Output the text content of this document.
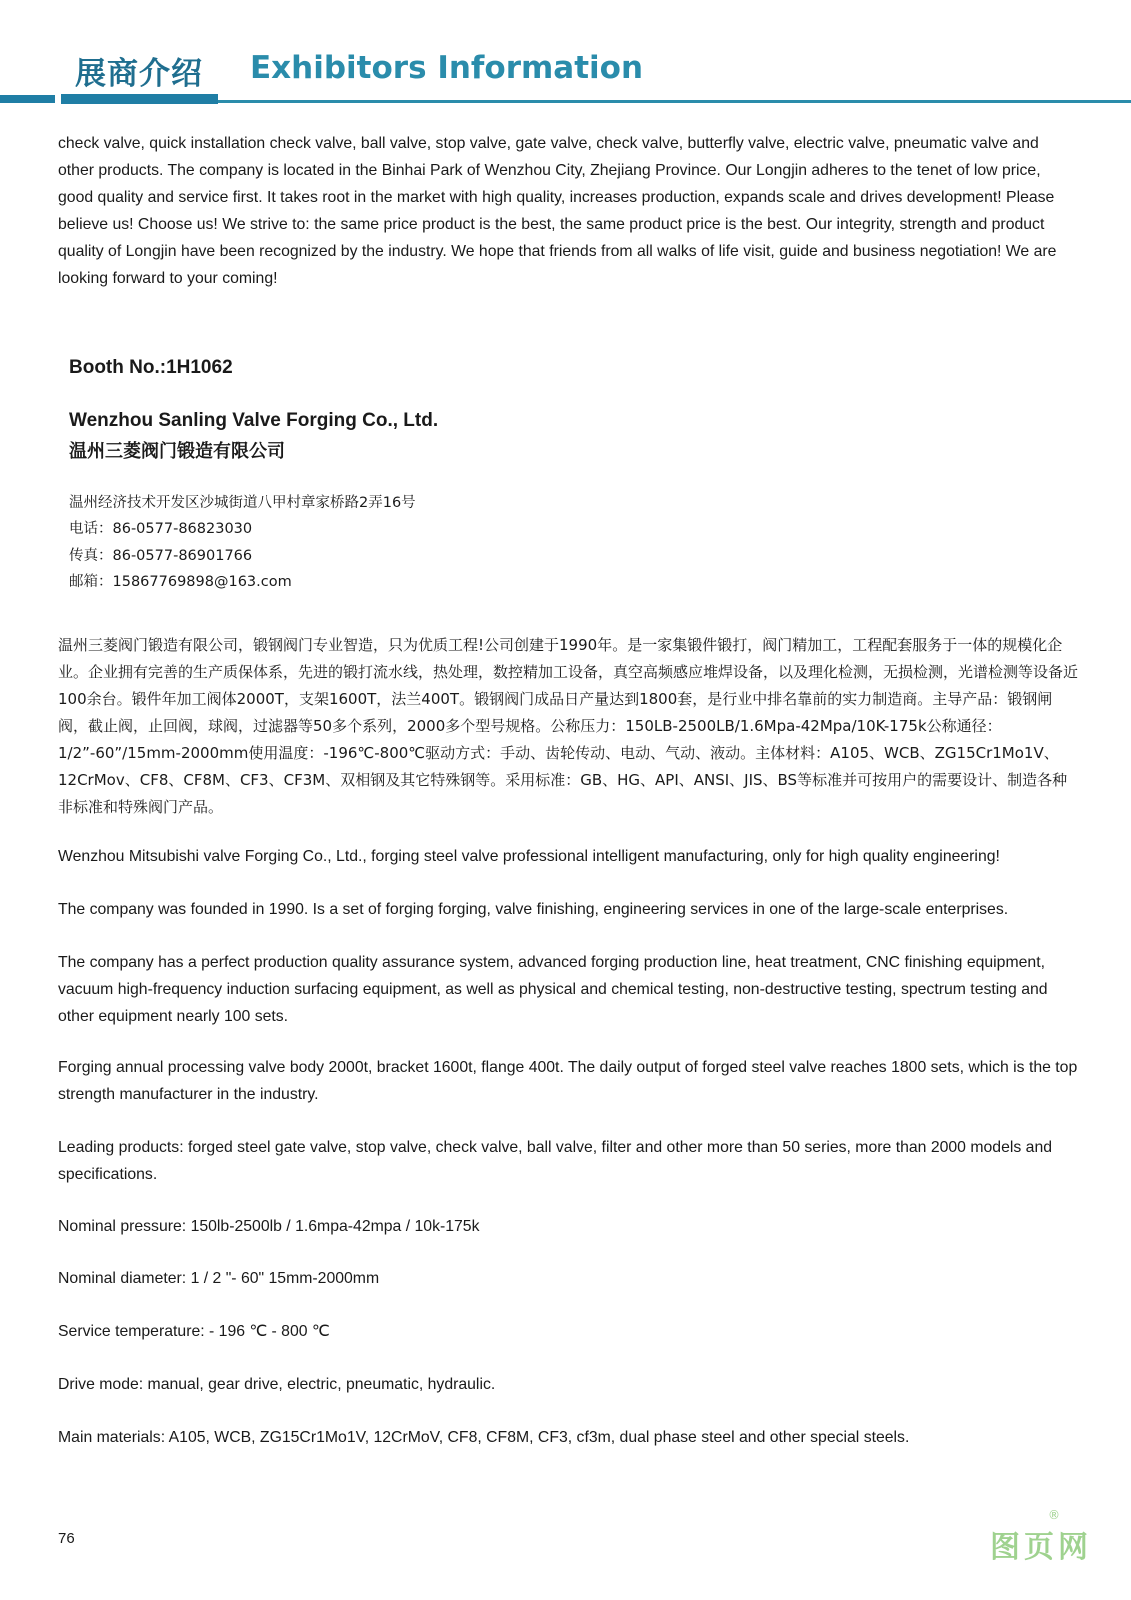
展商介绍 Exhibitors Information

check valve, quick installation check valve, ball valve, stop valve, gate valve, check valve, butterfly valve, electric valve, pneumatic valve and other products. The company is located in the Binhai Park of Wenzhou City, Zhejiang Province. Our Longjin adheres to the tenet of low price, good quality and service first. It takes root in the market with high quality, increases production, expands scale and drives development! Please believe us! Choose us! We strive to: the same price product is the best, the same product price is the best. Our integrity, strength and product quality of Longjin have been recognized by the industry. We hope that friends from all walks of life visit, guide and business negotiation! We are looking forward to your coming!

Booth No.:1H1062
Wenzhou Sanling Valve Forging Co., Ltd.
温州三菱阀门锻造有限公司
温州经济技术开发区沙城街道八甲村章家桥路2弄16号
电话：86-0577-86823030
传真：86-0577-86901766
邮箱：15867769898@163.com

温州三菱阀门锻造有限公司，锻钢阀门专业智造，只为优质工程!公司创建于1990年。是一家集锻件锻打，阀门精加工，工程配套服务于一体的规模化企业。企业拥有完善的生产质保体系，先进的锻打流水线，热处理，数控精加工设备，真空高频感应堆焊设备，以及理化检测，无损检测，光谱检测等设备近100余台。锻件年加工阀体2000T，支架1600T，法兰400T。锻钢阀门成品日产量达到1800套，是行业中排名靠前的实力制造商。主导产品：锻钢闸阀，截止阀，止回阀，球阀，过滤器等50多个系列，2000多个型号规格。公称压力：150LB-2500LB/1.6Mpa-42Mpa/10K-175k公称通径：1/2”-60”/15mm-2000mm使用温度：-196℃-800℃驱动方式：手动、齿轮传动、电动、气动、液动。主体材料：A105、WCB、ZG15Cr1Mo1V、12CrMov、CF8、CF8M、CF3、CF3M、双相钢及其它特殊钢等。采用标准：GB、HG、API、ANSI、JIS、BS等标准并可按用户的需要设计、制造各种非标准和特殊阀门产品。

Wenzhou Mitsubishi valve Forging Co., Ltd., forging steel valve professional intelligent manufacturing, only for high quality engineering!

The company was founded in 1990. Is a set of forging forging, valve finishing, engineering services in one of the large-scale enterprises.

The company has a perfect production quality assurance system, advanced forging production line, heat treatment, CNC finishing equipment, vacuum high-frequency induction surfacing equipment, as well as physical and chemical testing, non-destructive testing, spectrum testing and other equipment nearly 100 sets.

Forging annual processing valve body 2000t, bracket 1600t, flange 400t. The daily output of forged steel valve reaches 1800 sets, which is the top strength manufacturer in the industry.

Leading products: forged steel gate valve, stop valve, check valve, ball valve, filter and other more than 50 series, more than 2000 models and specifications.

Nominal pressure: 150lb-2500lb / 1.6mpa-42mpa / 10k-175k

Nominal diameter: 1 / 2 "- 60" 15mm-2000mm

Service temperature: - 196 ℃ - 800 ℃

Drive mode: manual, gear drive, electric, pneumatic, hydraulic.

Main materials: A105, WCB, ZG15Cr1Mo1V, 12CrMoV, CF8, CF8M, CF3, cf3m, dual phase steel and other special steels.

76	图页网
®
